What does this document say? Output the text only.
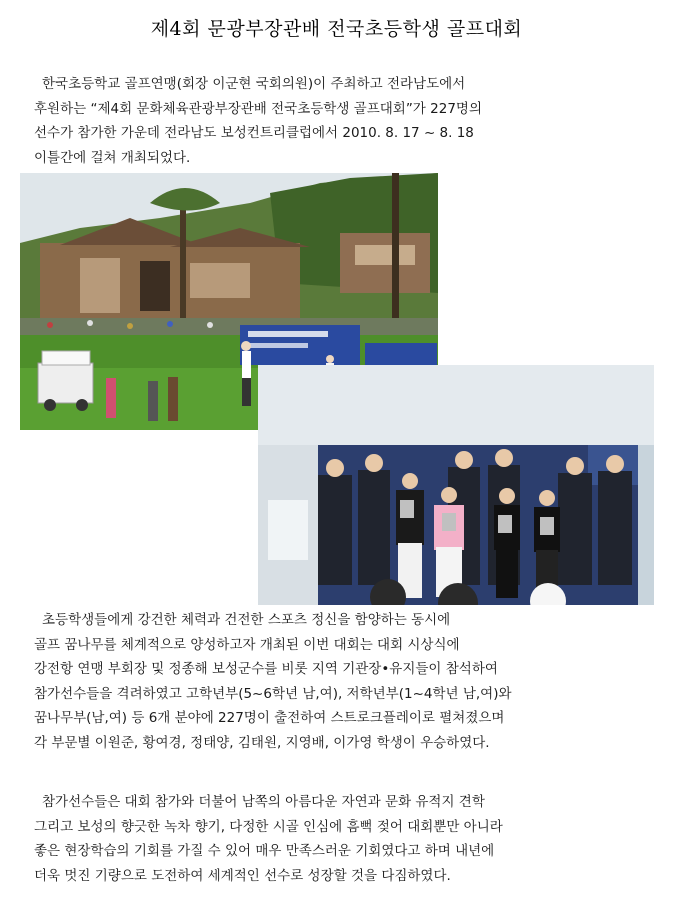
제4회 문광부장관배 전국초등학생 골프대회

한국초등학교 골프연맹(회장 이군현 국회의원)이 주최하고 전라남도에서

후원하는 “제4회 문화체육관광부장관배 전국초등학생 골프대회”가 227명의

선수가 참가한 가운데 전라남도 보성컨트리클럽에서 2010. 8. 17 ~ 8. 18

이틀간에 걸쳐 개최되었다.

초등학생들에게 강건한 체력과 건전한 스포츠 정신을 함양하는 동시에

골프 꿈나무를 체계적으로 양성하고자 개최된 이번 대회는 대회 시상식에

강전항 연맹 부회장 및 정종해 보성군수를 비롯 지역 기관장•유지들이 참석하여

참가선수들을 격려하였고 고학년부(5~6학년 남,여), 저학년부(1~4학년 남,여)와

꿈나무부(남,여) 등 6개 분야에 227명이 출전하여 스트로크플레이로 펼쳐졌으며

각 부문별 이원준, 황여경, 정태양, 김태원, 지영배, 이가영 학생이 우승하였다.

참가선수들은 대회 참가와 더불어 남쪽의 아름다운 자연과 문화 유적지 견학

그리고 보성의 향긋한 녹차 향기, 다정한 시골 인심에 흠뻑 젖어 대회뿐만 아니라

좋은 현장학습의 기회를 가질 수 있어 매우 만족스러운 기회였다고 하며 내년에

더욱 멋진 기량으로 도전하여 세계적인 선수로 성장할 것을 다짐하였다.
